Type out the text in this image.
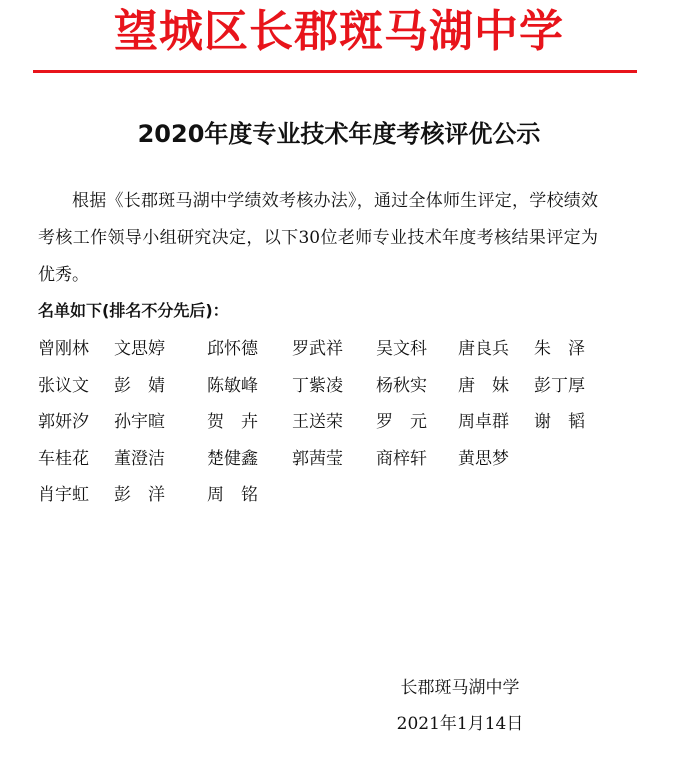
望城区长郡斑马湖中学
2020年度专业技术年度考核评优公示
根据《长郡斑马湖中学绩效考核办法》，通过全体师生评定，学校绩效考核工作领导小组研究决定，以下30位老师专业技术年度考核结果评定为优秀。
名单如下(排名不分先后)：
曾刚林 文思婷 邱怀德 罗武祥 吴文科 唐良兵 朱　泽
张议文 彭　婧 陈敏峰 丁紫凌 杨秋实 唐　妹 彭丁厚
郭妍汐 孙宇暄 贺　卉 王送荣 罗　元 周卓群 谢　韬
车桂花 董澄洁 楚健鑫 郭茜莹 商梓轩 黄思梦
肖宇虹 彭　洋 周　铭
长郡斑马湖中学
2021年1月14日
